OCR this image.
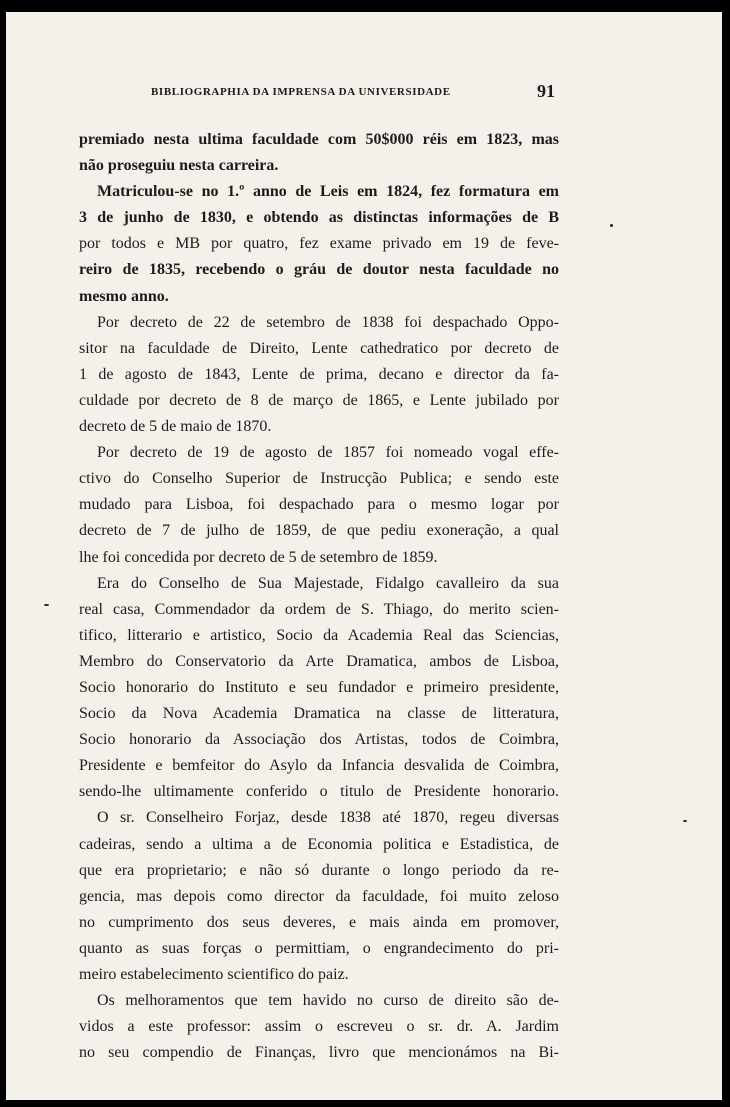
BIBLIOGRAPHIA DA IMPRENSA DA UNIVERSIDADE	91
premiado nesta ultima faculdade com 50$000 réis em 1823, mas
não proseguiu nesta carreira.
Matriculou-se no 1.º anno de Leis em 1824, fez formatura em
3 de junho de 1830, e obtendo as distinctas informações de B
por todos e MB por quatro, fez exame privado em 19 de feve-
reiro de 1835, recebendo o gráu de doutor nesta faculdade no
mesmo anno.
Por decreto de 22 de setembro de 1838 foi despachado Oppo-
sitor na faculdade de Direito, Lente cathedratico por decreto de
1 de agosto de 1843, Lente de prima, decano e director da fa-
culdade por decreto de 8 de março de 1865, e Lente jubilado por
decreto de 5 de maio de 1870.
Por decreto de 19 de agosto de 1857 foi nomeado vogal effe-
ctivo do Conselho Superior de Instrucção Publica; e sendo este
mudado para Lisboa, foi despachado para o mesmo logar por
decreto de 7 de julho de 1859, de que pediu exoneração, a qual
lhe foi concedida por decreto de 5 de setembro de 1859.
Era do Conselho de Sua Majestade, Fidalgo cavalleiro da sua
real casa, Commendador da ordem de S. Thiago, do merito scien-
tifico, litterario e artistico, Socio da Academia Real das Sciencias,
Membro do Conservatorio da Arte Dramatica, ambos de Lisboa,
Socio honorario do Instituto e seu fundador e primeiro presidente,
Socio da Nova Academia Dramatica na classe de litteratura,
Socio honorario da Associação dos Artistas, todos de Coimbra,
Presidente e bemfeitor do Asylo da Infancia desvalida de Coimbra,
sendo-lhe ultimamente conferido o titulo de Presidente honorario.
O sr. Conselheiro Forjaz, desde 1838 até 1870, regeu diversas
cadeiras, sendo a ultima a de Economia politica e Estadistica, de
que era proprietario; e não só durante o longo periodo da re-
gencia, mas depois como director da faculdade, foi muito zeloso
no cumprimento dos seus deveres, e mais ainda em promover,
quanto as suas forças o permittiam, o engrandecimento do pri-
meiro estabelecimento scientifico do paiz.
Os melhoramentos que tem havido no curso de direito são de-
vidos a este professor: assim o escreveu o sr. dr. A. Jardim
no seu compendio de Finanças, livro que mencionámos na Bi-
